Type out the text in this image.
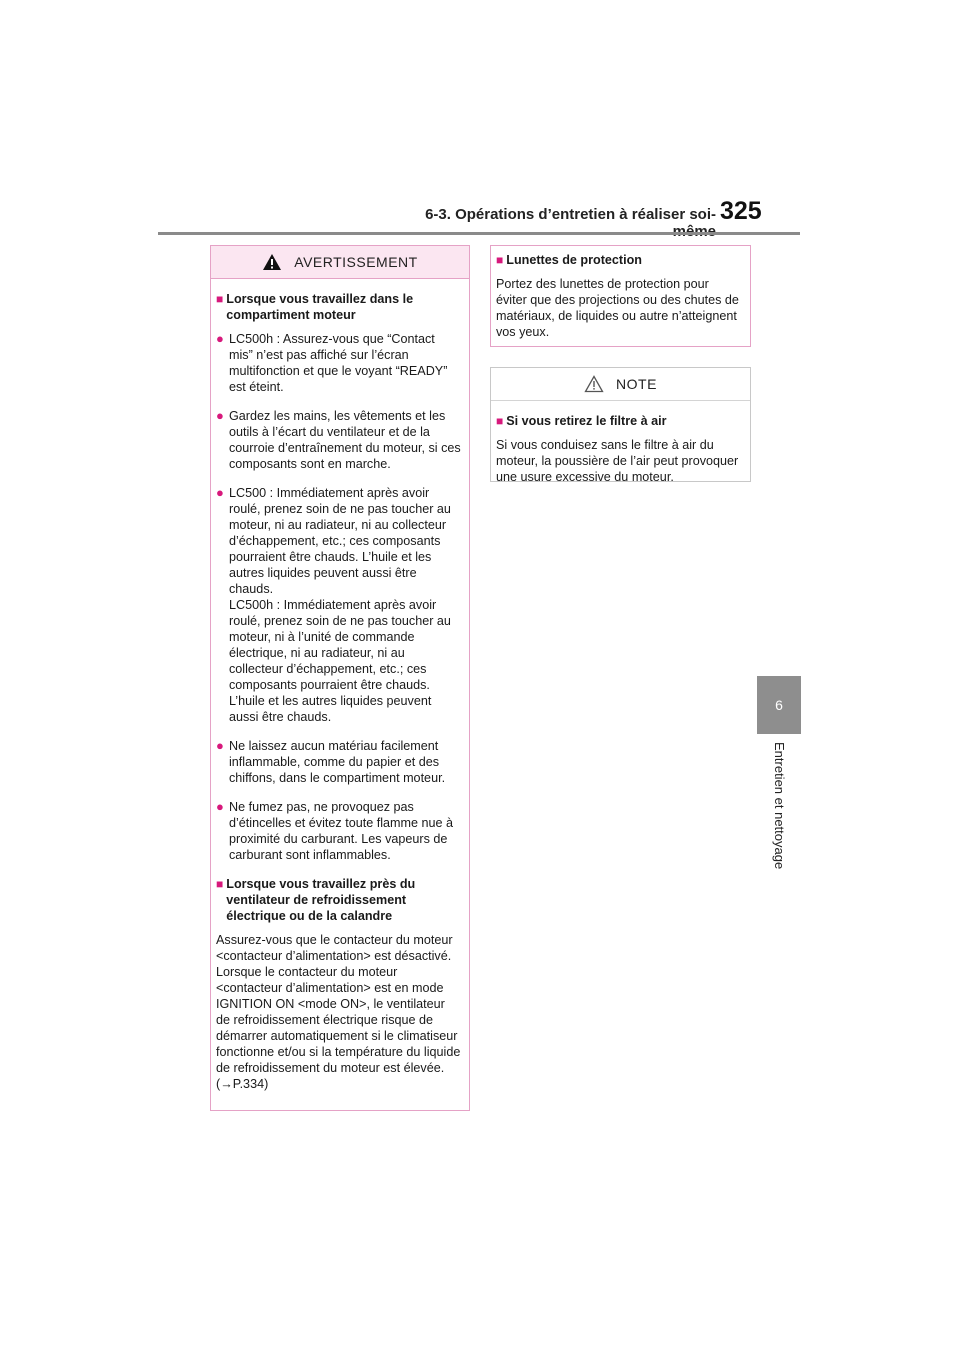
6-3. Opérations d’entretien à réaliser soi- 325
6
Entretien et nettoyage
AVERTISSEMENT
■ Lorsque vous travaillez dans le compartiment moteur
● LC500h : Assurez-vous que “Contact mis” n’est pas affiché sur l’écran multifonction et que le voyant “READY” est éteint.
● Gardez les mains, les vêtements et les outils à l’écart du ventilateur et de la courroie d’entraînement du moteur, si ces composants sont en marche.
● LC500 : Immédiatement après avoir roulé, prenez soin de ne pas toucher au moteur, ni au radiateur, ni au collecteur d’échappement, etc.; ces composants pourraient être chauds. L’huile et les autres liquides peuvent aussi être chauds.
LC500h : Immédiatement après avoir roulé, prenez soin de ne pas toucher au moteur, ni à l’unité de commande électrique, ni au radiateur, ni au collecteur d’échappement, etc.; ces composants pourraient être chauds. L’huile et les autres liquides peuvent aussi être chauds.
● Ne laissez aucun matériau facilement inflammable, comme du papier et des chiffons, dans le compartiment moteur.
● Ne fumez pas, ne provoquez pas d’étincelles et évitez toute flamme nue à proximité du carburant. Les vapeurs de carburant sont inflammables.
■ Lorsque vous travaillez près du ventilateur de refroidissement électrique ou de la calandre

Assurez-vous que le contacteur du moteur <contacteur d’alimentation> est désactivé.

Lorsque le contacteur du moteur <contacteur d’alimentation> est en mode IGNITION ON <mode ON>, le ventilateur de refroidissement électrique risque de démarrer automatiquement si le climatiseur fonctionne et/ou si la température du liquide de refroidissement du moteur est élevée. (→P.334)

■ Lunettes de protection

Portez des lunettes de protection pour éviter que des projections ou des chutes de matériaux, de liquides ou autre n’atteignent vos yeux.

NOTE
■ Si vous retirez le filtre à air

Si vous conduisez sans le filtre à air du moteur, la poussière de l’air peut provoquer une usure excessive du moteur.
